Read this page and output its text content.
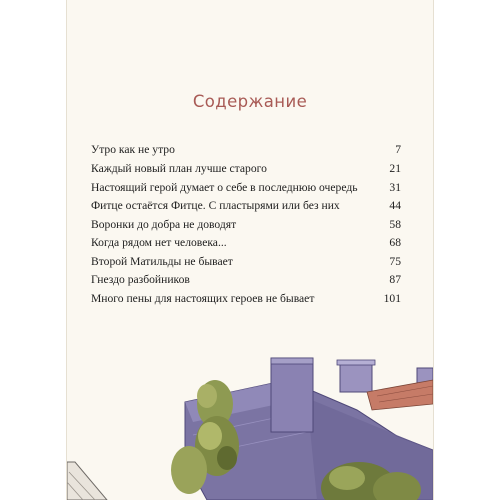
Содержание
Утро как не утро	7
Каждый новый план лучше старого	21
Настоящий герой думает о себе в последнюю очередь	31
Фитце остаётся Фитце. С пластырями или без них	44
Воронки до добра не доводят	58
Когда рядом нет человека...	68
Второй Матильды не бывает	75
Гнездо разбойников	87
Много пены для настоящих героев не бывает	101
